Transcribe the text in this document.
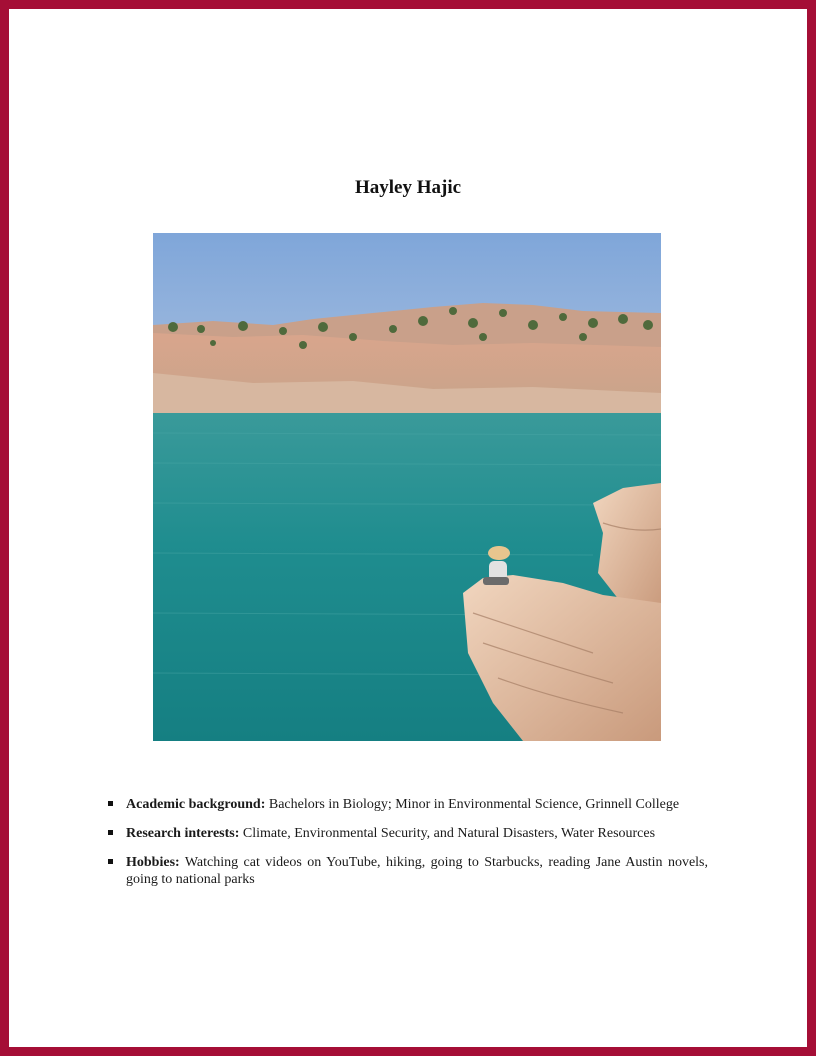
Hayley Hajic
Academic background: Bachelors in Biology; Minor in Environmental Science, Grinnell College
Research interests: Climate, Environmental Security, and Natural Disasters, Water Resources
Hobbies: Watching cat videos on YouTube, hiking, going to Starbucks, reading Jane Austin novels, going to national parks
